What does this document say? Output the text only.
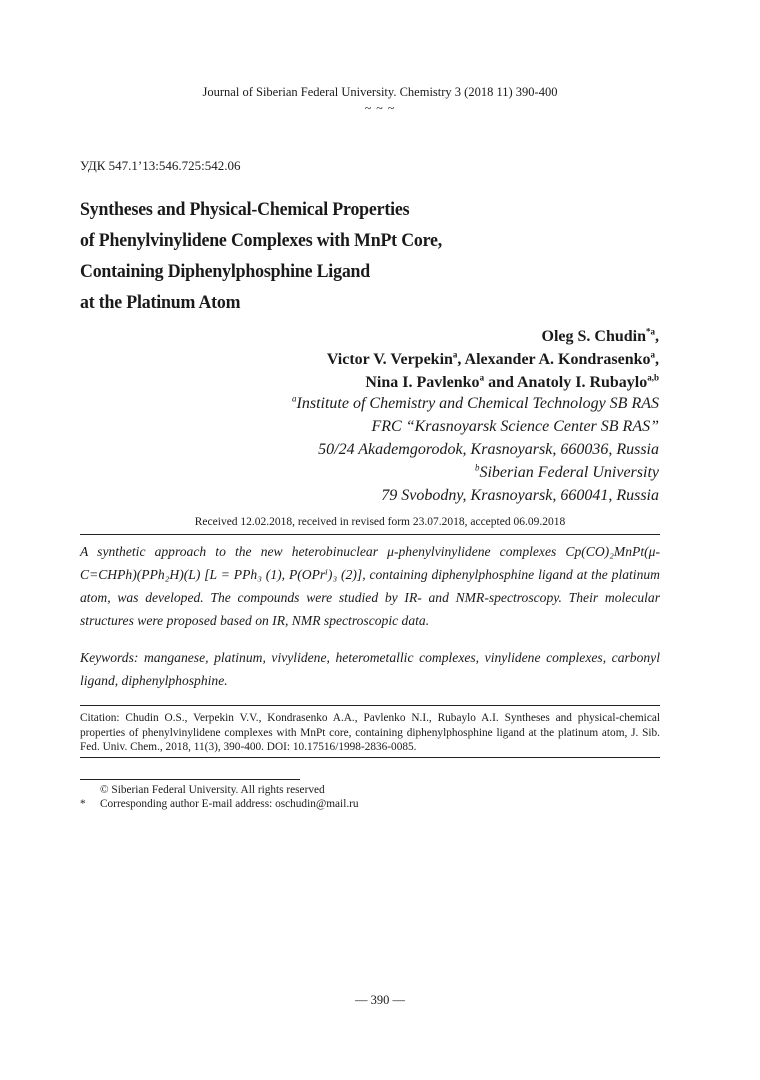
Journal of Siberian Federal University. Chemistry 3 (2018 11) 390-400
~ ~ ~
УДК 547.1’13:546.725:542.06
Syntheses and Physical-Chemical Properties
of Phenylvinylidene Complexes with MnPt Core,
Containing Diphenylphosphine Ligand
at the Platinum Atom
Oleg S. Chudin$^{*a}$,
Victor V. Verpekin$^a$, Alexander A. Kondrasenko$^a$,
Nina I. Pavlenko$^a$ and Anatoly I. Rubaylo$^{a,b}$
$^a$Institute of Chemistry and Chemical Technology SB RAS
FRC “Krasnoyarsk Science Center SB RAS”
50/24 Akademgorodok, Krasnoyarsk, 660036, Russia
$^b$Siberian Federal University
79 Svobodny, Krasnoyarsk, 660041, Russia
Received 12.02.2018, received in revised form 23.07.2018, accepted 06.09.2018
A synthetic approach to the new heterobinuclear μ-phenylvinylidene complexes Cp(CO)₂MnPt(μ-C=CHPh)(PPh₂H)(L) [L = PPh₃ (1), P(OPrⁱ)₃ (2)], containing diphenylphosphine ligand at the platinum atom, was developed. The compounds were studied by IR- and NMR-spectroscopy. Their molecular structures were proposed based on IR, NMR spectroscopic data.
Keywords: manganese, platinum, vivylidene, heterometallic complexes, vinylidene complexes, carbonyl ligand, diphenylphosphine.
Citation: Chudin O.S., Verpekin V.V., Kondrasenko A.A., Pavlenko N.I., Rubaylo A.I. Syntheses and physical-chemical properties of phenylvinylidene complexes with MnPt core, containing diphenylphosphine ligand at the platinum atom, J. Sib. Fed. Univ. Chem., 2018, 11(3), 390-400. DOI: 10.17516/1998-2836-0085.
© Siberian Federal University. All rights reserved
* Corresponding author E-mail address: oschudin@mail.ru
— 390 —
